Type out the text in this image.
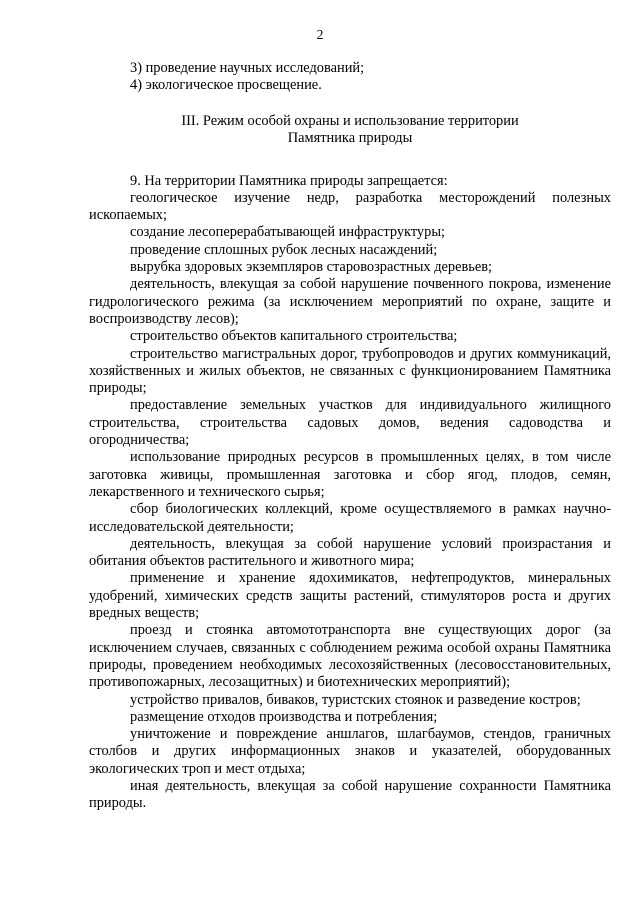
2

3) проведение научных исследований;

4) экологическое просвещение.

III. Режим особой охраны и использование территории
Памятника природы

9. На территории Памятника природы запрещается:

геологическое изучение недр, разработка месторождений полезных ископаемых;

создание лесоперерабатывающей инфраструктуры;

проведение сплошных рубок лесных насаждений;

вырубка здоровых экземпляров старовозрастных деревьев;

деятельность, влекущая за собой нарушение почвенного покрова, изменение гидрологического режима (за исключением мероприятий по охране, защите и воспроизводству лесов);

строительство объектов капитального строительства;

строительство магистральных дорог, трубопроводов и других коммуникаций, хозяйственных и жилых объектов, не связанных с функционированием Памятника природы;

предоставление земельных участков для индивидуального жилищного строительства, строительства садовых домов, ведения садоводства и огородничества;

использование природных ресурсов в промышленных целях, в том числе заготовка живицы, промышленная заготовка и сбор ягод, плодов, семян, лекарственного и технического сырья;

сбор биологических коллекций, кроме осуществляемого в рамках научно-исследовательской деятельности;

деятельность, влекущая за собой нарушение условий произрастания и обитания объектов растительного и животного мира;

применение и хранение ядохимикатов, нефтепродуктов, минеральных удобрений, химических средств защиты растений, стимуляторов роста и других вредных веществ;

проезд и стоянка автомототранспорта вне существующих дорог (за исключением случаев, связанных с соблюдением режима особой охраны Памятника природы, проведением необходимых лесохозяйственных (лесовосстановительных, противопожарных, лесозащитных) и биотехнических мероприятий);

устройство привалов, биваков, туристских стоянок и разведение костров;

размещение отходов производства и потребления;

уничтожение и повреждение аншлагов, шлагбаумов, стендов, граничных столбов и других информационных знаков и указателей, оборудованных экологических троп и мест отдыха;

иная деятельность, влекущая за собой нарушение сохранности Памятника природы.
